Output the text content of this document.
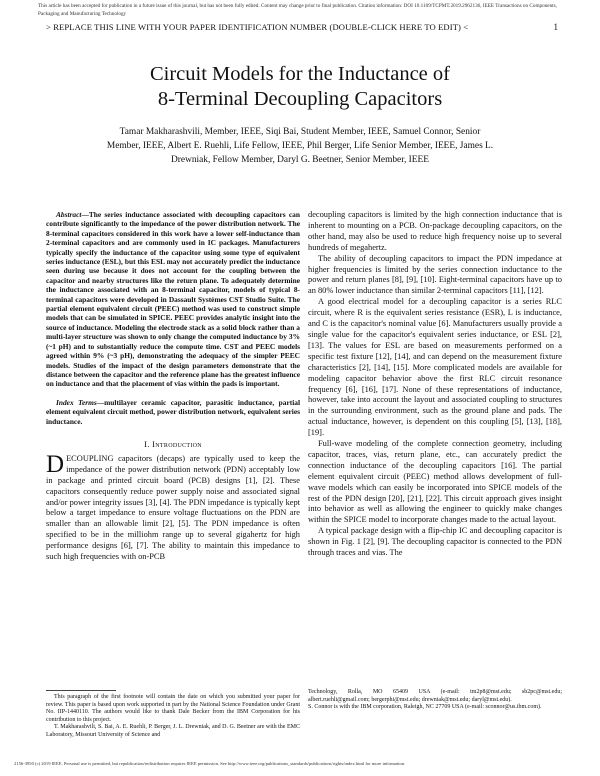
This article has been accepted for publication in a future issue of this journal, but has not been fully edited. Content may change prior to final publication. Citation information: DOI 10.1109/TCPMT.2019.2962136, IEEE Transactions on Components, Packaging and Manufacturing Technology
> REPLACE THIS LINE WITH YOUR PAPER IDENTIFICATION NUMBER (DOUBLE-CLICK HERE TO EDIT) <	1
Circuit Models for the Inductance of
8-Terminal Decoupling Capacitors
Tamar Makharashvili, Member, IEEE, Siqi Bai, Student Member, IEEE, Samuel Connor, Senior
Member, IEEE, Albert E. Ruehli, Life Fellow, IEEE, Phil Berger, Life Senior Member, IEEE, James L.
Drewniak, Fellow Member, Daryl G. Beetner, Senior Member, IEEE

Abstract—The series inductance associated with decoupling capacitors can contribute significantly to the impedance of the power distribution network. The 8-terminal capacitors considered in this work have a lower self-inductance than 2-terminal capacitors and are commonly used in IC packages. Manufacturers typically specify the inductance of the capacitor using some type of equivalent series inductance (ESL), but this ESL may not accurately predict the inductance seen during use because it does not account for the coupling between the capacitor and nearby structures like the return plane. To adequately determine the inductance associated with an 8-terminal capacitor, models of typical 8-terminal capacitors were developed in Dassault Systèmes CST Studio Suite. The partial element equivalent circuit (PEEC) method was used to construct simple models that can be simulated in SPICE. PEEC provides analytic insight into the source of inductance. Modeling the electrode stack as a solid block rather than a multi-layer structure was shown to only change the computed inductance by 3% (~1 pH) and to substantially reduce the compute time. CST and PEEC models agreed within 9% (~3 pH), demonstrating the adequacy of the simpler PEEC models. Studies of the impact of the design parameters demonstrate that the distance between the capacitor and the reference plane has the greatest influence on inductance and that the placement of vias within the pads is important.

Index Terms—multilayer ceramic capacitor, parasitic inductance, partial element equivalent circuit method, power distribution network, equivalent series inductance.

I. Introduction

DECOUPLING capacitors (decaps) are typically used to keep the impedance of the power distribution network (PDN) acceptably low in package and printed circuit board (PCB) designs [1], [2]. These capacitors consequently reduce power supply noise and associated signal and/or power integrity issues [3], [4]. The PDN impedance is typically kept below a target impedance to ensure voltage fluctuations on the PDN are smaller than an allowable limit [2], [5]. The PDN impedance is often specified to be in the milliohm range up to several gigahertz for high performance designs [6], [7]. The ability to maintain this impedance to such high frequencies with on-PCB

decoupling capacitors is limited by the high connection inductance that is inherent to mounting on a PCB. On-package decoupling capacitors, on the other hand, may also be used to reduce high frequency noise up to several hundreds of megahertz.

The ability of decoupling capacitors to impact the PDN impedance at higher frequencies is limited by the series connection inductance to the power and return planes [8], [9], [10]. Eight-terminal capacitors have up to an 80% lower inductance than similar 2-terminal capacitors [11], [12].

A good electrical model for a decoupling capacitor is a series RLC circuit, where R is the equivalent series resistance (ESR), L is inductance, and C is the capacitor's nominal value [6]. Manufacturers usually provide a single value for the capacitor's equivalent series inductance, or ESL [2], [13]. The values for ESL are based on measurements performed on a specific test fixture [12], [14], and can depend on the measurement fixture characteristics [2], [14], [15]. More complicated models are available for modeling capacitor behavior above the first RLC circuit resonance frequency [6], [16], [17]. None of these representations of inductance, however, take into account the layout and associated coupling to structures in the surrounding environment, such as the ground plane and pads. The actual inductance, however, is dependent on this coupling [5], [13], [18], [19].

Full-wave modeling of the complete connection geometry, including capacitor, traces, vias, return plane, etc., can accurately predict the connection inductance of the decoupling capacitors [16]. The partial element equivalent circuit (PEEC) method allows development of full-wave models which can easily be incorporated into SPICE models of the rest of the PDN design [20], [21], [22]. This circuit approach gives insight into behavior as well as allowing the engineer to quickly make changes within the SPICE model to incorporate changes made to the actual layout.

A typical package design with a flip-chip IC and decoupling capacitor is shown in Fig. 1 [2], [9]. The decoupling capacitor is connected to the PDN through traces and vias. The

This paragraph of the first footnote will contain the date on which you submitted your paper for review. This paper is based upon work supported in part by the National Science Foundation under Grant No. IIP-1440110. The authors would like to thank Dale Becker from the IBM Corporation for his contribution to this project.

T. Makharashvili, S. Bai, A. E. Ruehli, P. Berger, J. L. Drewniak, and D. G. Beetner are with the EMC Laboratory, Missouri University of Science and

Technology, Rolla, MO 65409 USA (e-mail: tm2p8@mst.edu; sb2pc@mst.edu; albert.ruehli@gmail.com; bergerphi@mst.edu; drewniak@mst.edu; daryl@mst.edu).

S. Connor is with the IBM corporation, Raleigh, NC 27709 USA (e-mail: sconnor@us.ibm.com).

2156-3950 (c) 2019 IEEE. Personal use is permitted, but republication/redistribution requires IEEE permission. See http://www.ieee.org/publications_standards/publications/rights/index.html for more information.
